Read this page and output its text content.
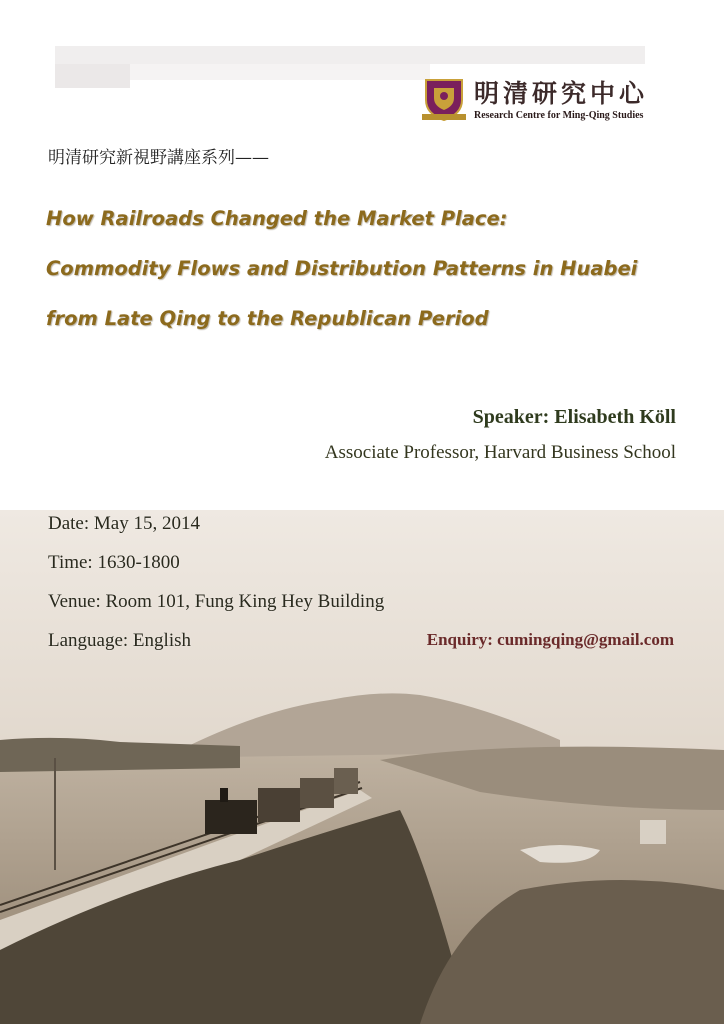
明清研究中心
Research Centre for Ming-Qing Studies
明清研究新視野講座系列——
How Railroads Changed the Market Place:
Commodity Flows and Distribution Patterns in Huabei
from Late Qing to the Republican Period
Speaker: Elisabeth Köll
Associate Professor, Harvard Business School
Date: May 15, 2014
Time: 1630-1800
Venue: Room 101, Fung King Hey Building
Language: English	Enquiry: cumingqing@gmail.com
